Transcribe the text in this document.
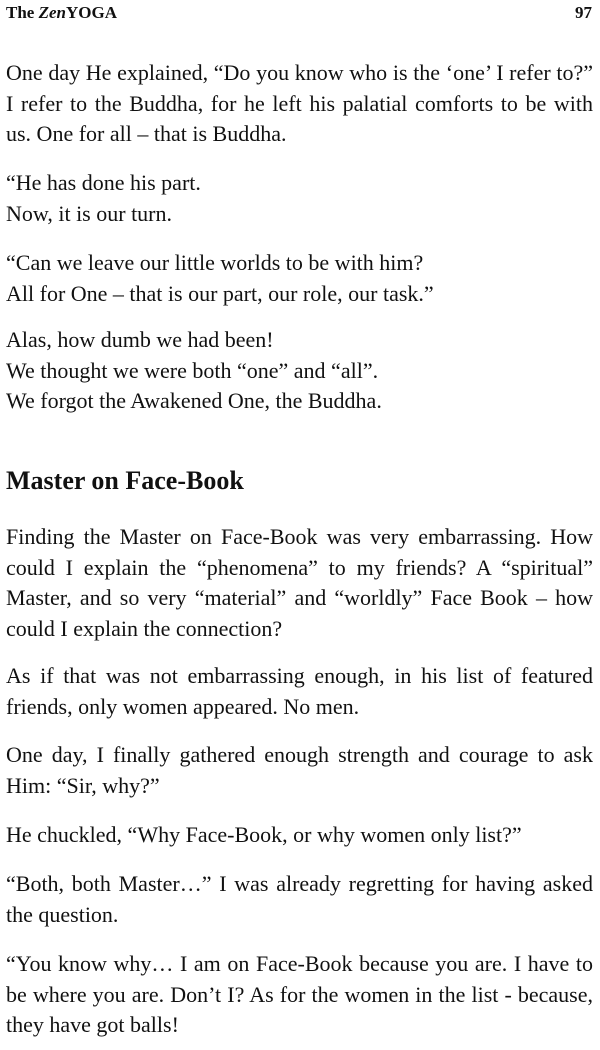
The ZenYOGA	97

One day He explained, “Do you know who is the ‘one’ I refer to?” I refer to the Buddha, for he left his palatial comforts to be with us. One for all – that is Buddha.

“He has done his part.

Now, it is our turn.

“Can we leave our little worlds to be with him?

All for One – that is our part, our role, our task.”

Alas, how dumb we had been!

We thought we were both “one” and “all”.

We forgot the Awakened One, the Buddha.

Master on Face-Book

Finding the Master on Face-Book was very embarrassing. How could I explain the “phenomena” to my friends? A “spiritual” Master, and so very “material” and “worldly” Face Book – how could I explain the connection?

As if that was not embarrassing enough, in his list of featured friends, only women appeared. No men.

One day, I finally gathered enough strength and courage to ask Him: “Sir, why?”

He chuckled, “Why Face-Book, or why women only list?”

“Both, both Master…” I was already regretting for having asked the question.

“You know why… I am on Face-Book because you are. I have to be where you are. Don’t I? As for the women in the list - because, they have got balls!
